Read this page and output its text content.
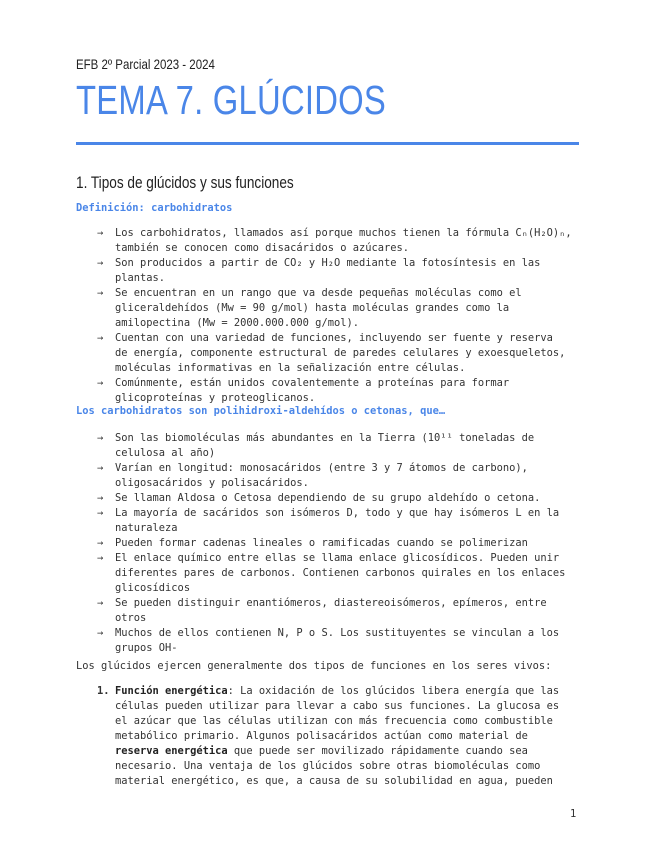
EFB 2º Parcial 2023 - 2024
TEMA 7. GLÚCIDOS
1. Tipos de glúcidos y sus funciones
Definición: carbohidratos
→ Los carbohidratos, llamados así porque muchos tienen la fórmula Cₙ(H₂O)ₙ,
también se conocen como disacáridos o azúcares.
→ Son producidos a partir de CO₂ y H₂O mediante la fotosíntesis en las
plantas.
→ Se encuentran en un rango que va desde pequeñas moléculas como el
gliceraldehídos (Mw = 90 g/mol) hasta moléculas grandes como la
amilopectina (Mw = 2000.000.000 g/mol).
→ Cuentan con una variedad de funciones, incluyendo ser fuente y reserva
de energía, componente estructural de paredes celulares y exoesqueletos,
moléculas informativas en la señalización entre células.
→ Comúnmente, están unidos covalentemente a proteínas para formar
glicoproteínas y proteoglicanos.
Los carbohidratos son polihidroxi-aldehídos o cetonas, que…
→ Son las biomoléculas más abundantes en la Tierra (10¹¹ toneladas de
celulosa al año)
→ Varían en longitud: monosacáridos (entre 3 y 7 átomos de carbono),
oligosacáridos y polisacáridos.
→ Se llaman Aldosa o Cetosa dependiendo de su grupo aldehído o cetona.
→ La mayoría de sacáridos son isómeros D, todo y que hay isómeros L en la
naturaleza
→ Pueden formar cadenas lineales o ramificadas cuando se polimerizan
→ El enlace químico entre ellas se llama enlace glicosídicos. Pueden unir
diferentes pares de carbonos. Contienen carbonos quirales en los enlaces
glicosídicos
→ Se pueden distinguir enantiómeros, diastereoisómeros, epímeros, entre
otros
→ Muchos de ellos contienen N, P o S. Los sustituyentes se vinculan a los
grupos OH-
Los glúcidos ejercen generalmente dos tipos de funciones en los seres vivos:
1. Función energética: La oxidación de los glúcidos libera energía que las
células pueden utilizar para llevar a cabo sus funciones. La glucosa es
el azúcar que las células utilizan con más frecuencia como combustible
metabólico primario. Algunos polisacáridos actúan como material de
reserva energética que puede ser movilizado rápidamente cuando sea
necesario. Una ventaja de los glúcidos sobre otras biomoléculas como
material energético, es que, a causa de su solubilidad en agua, pueden
1
